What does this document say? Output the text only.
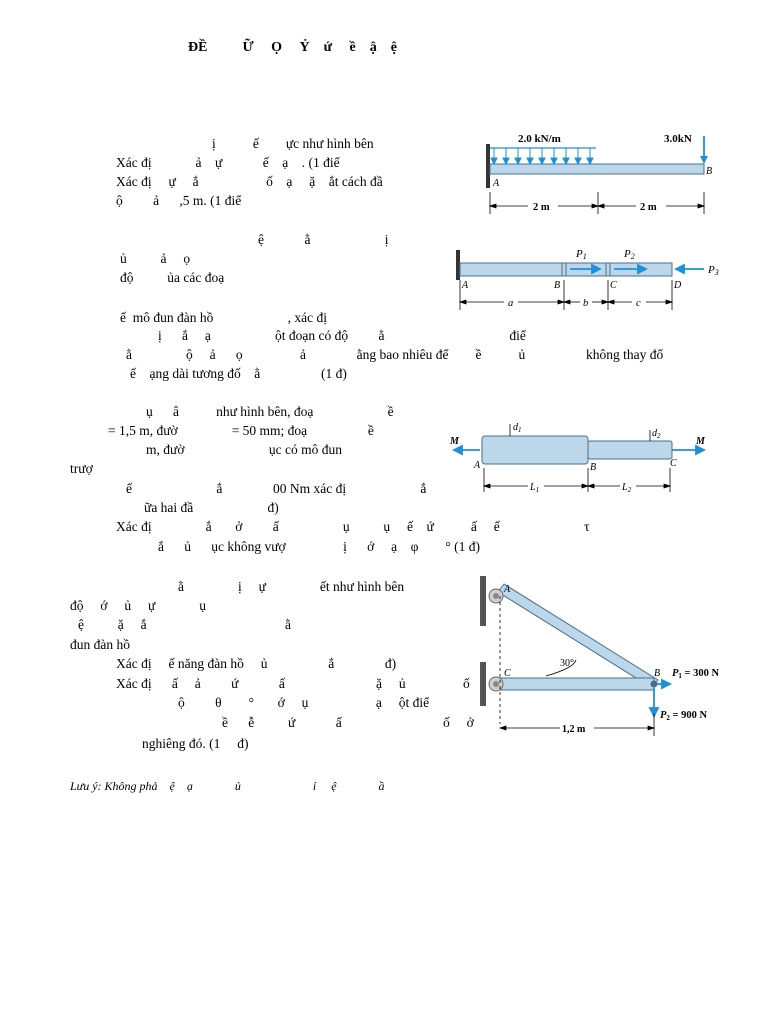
ĐỀ          Ữ     Ọ     Ỷ    ứ     ề    ậ    ệ
ị           ế        ực như hình bên
Xác đị             ả    ự            ế    ạ    . (1 điể
Xác đị     ự     ắ                    ố    ạ     ặ    ắt cách đầ
ộ         ả      ,5 m. (1 điể
2.0 kN/m	3.0kN
A
B
2 m	2 m
ệ            ằ                      ị
ủ          ả     ọ
độ          ủa các đoạ
ế  mô đun đàn hồ                      , xác đị
ị      ắ     ạ                   ột đoạn có độ         ằ                                     điể
ằ                ộ     ả      ọ                 ả               ằng bao nhiêu để        ề           ủ                  không thay đổ
ế    ạng dài tương đố    ằ                  (1 đ)
P1	P2
P3
A	B	C	D
a	b	c
ụ      â           như hình bên, đoạ                      ề
= 1,5 m, đườ                = 50 mm; đoạ                  ề
m, đườ                         ục có mô đun
trượ
ế                         ắ               00 Nm xác đị                      ắ
ữa hai đầ                      đ)
Xác đị                ắ       ở         ấ                   ụ          ụ     ế    ứ           ấ     ế                         τ
ắ      ủ      ục không vượ                 ị      ớ     ạ    φ        ° (1 đ)
M	M
$d_1$	$d_2$
A	B	C
$L_1$	$L_2$
ằ                ị     ự                ết như hình bên
độ     ớ     ủ     ự             ụ
ệ          ặ     ắ                                         ằ
đun đàn hồ
Xác đị     ế năng đàn hồ     ủ                  ắ               đ)
Xác đị      ấ     ả         ứ            ấ                           ặ     ủ                 ố
ộ         θ        °       ớ     ụ                    ạ     ột điể
ề      ễ          ứ            ấ                              ố     ở
nghiêng đó. (1     đ)
30°
A
C	B P1 = 300 N
P2 = 900 N
1,2 m
Lưu ý: Không phả    ệ    ạ              ủ                        ỉ     ệ              ầ
